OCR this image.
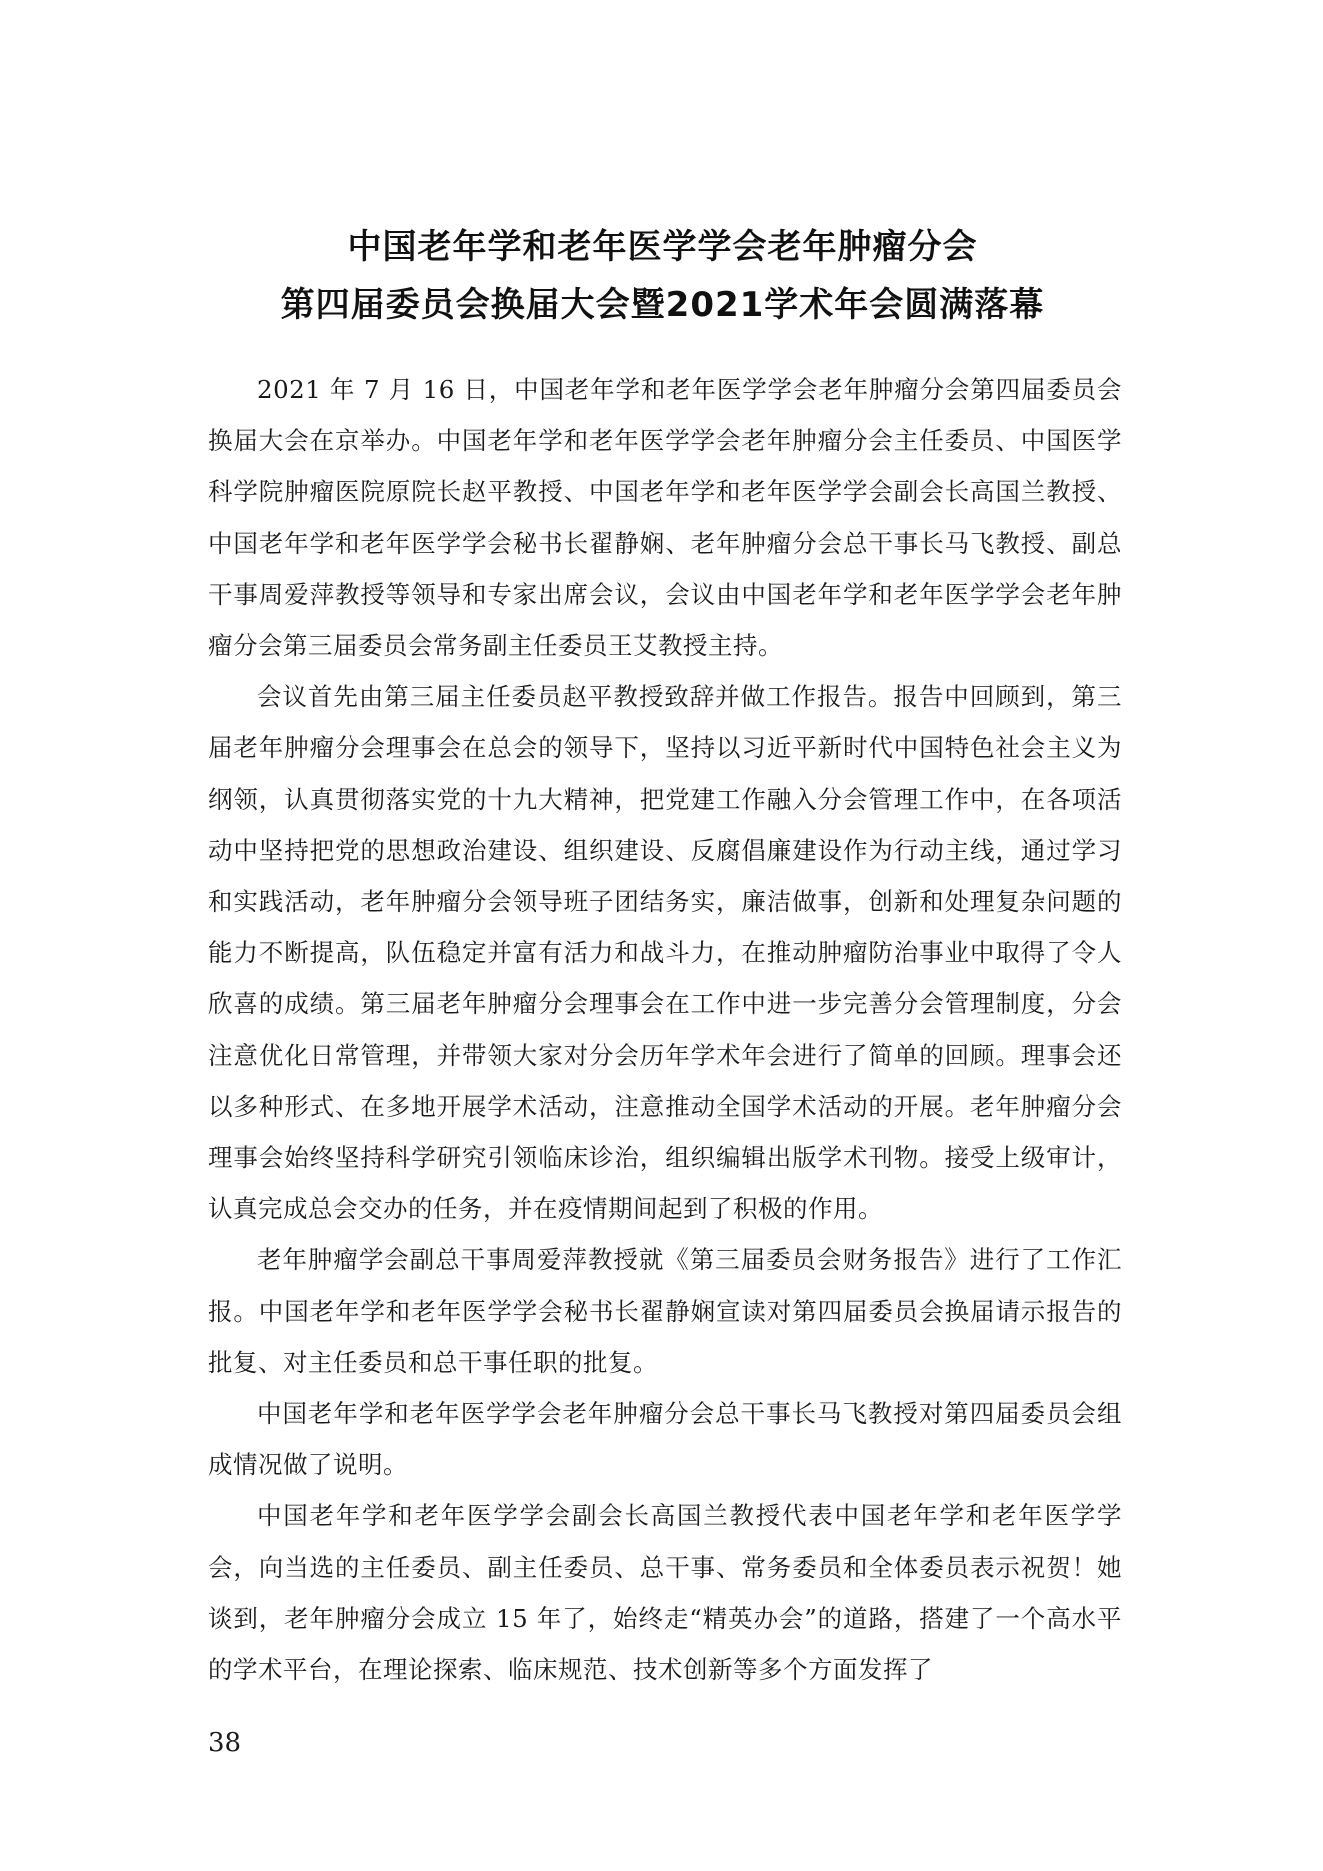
中国老年学和老年医学学会老年肿瘤分会
第四届委员会换届大会暨2021学术年会圆满落幕

2021 年 7 月 16 日，中国老年学和老年医学学会老年肿瘤分会第四届委员会换届大会在京举办。中国老年学和老年医学学会老年肿瘤分会主任委员、中国医学科学院肿瘤医院原院长赵平教授、中国老年学和老年医学学会副会长高国兰教授、中国老年学和老年医学学会秘书长翟静娴、老年肿瘤分会总干事长马飞教授、副总干事周爱萍教授等领导和专家出席会议，会议由中国老年学和老年医学学会老年肿瘤分会第三届委员会常务副主任委员王艾教授主持。

会议首先由第三届主任委员赵平教授致辞并做工作报告。报告中回顾到，第三届老年肿瘤分会理事会在总会的领导下，坚持以习近平新时代中国特色社会主义为纲领，认真贯彻落实党的十九大精神，把党建工作融入分会管理工作中，在各项活动中坚持把党的思想政治建设、组织建设、反腐倡廉建设作为行动主线，通过学习和实践活动，老年肿瘤分会领导班子团结务实，廉洁做事，创新和处理复杂问题的能力不断提高，队伍稳定并富有活力和战斗力，在推动肿瘤防治事业中取得了令人欣喜的成绩。第三届老年肿瘤分会理事会在工作中进一步完善分会管理制度，分会注意优化日常管理，并带领大家对分会历年学术年会进行了简单的回顾。理事会还以多种形式、在多地开展学术活动，注意推动全国学术活动的开展。老年肿瘤分会理事会始终坚持科学研究引领临床诊治，组织编辑出版学术刊物。接受上级审计，认真完成总会交办的任务，并在疫情期间起到了积极的作用。

老年肿瘤学会副总干事周爱萍教授就《第三届委员会财务报告》进行了工作汇报。中国老年学和老年医学学会秘书长翟静娴宣读对第四届委员会换届请示报告的批复、对主任委员和总干事任职的批复。

中国老年学和老年医学学会老年肿瘤分会总干事长马飞教授对第四届委员会组成情况做了说明。

中国老年学和老年医学学会副会长高国兰教授代表中国老年学和老年医学学会，向当选的主任委员、副主任委员、总干事、常务委员和全体委员表示祝贺！她谈到，老年肿瘤分会成立 15 年了，始终走“精英办会”的道路，搭建了一个高水平的学术平台，在理论探索、临床规范、技术创新等多个方面发挥了

38
